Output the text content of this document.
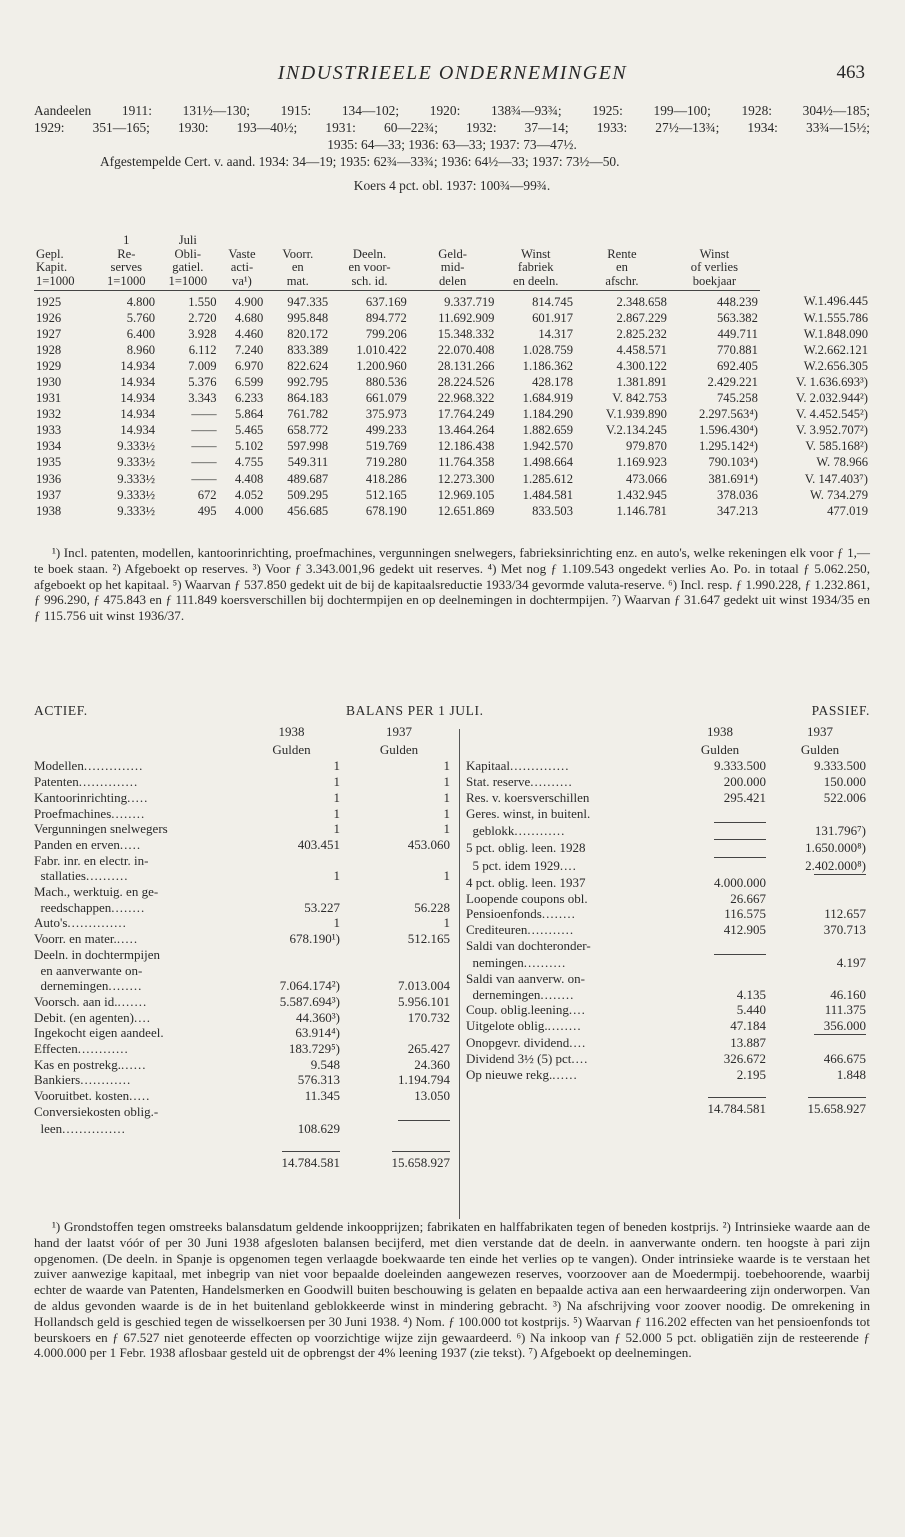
INDUSTRIEELE ONDERNEMINGEN	463

Aandeelen 1911: 131½—130; 1915: 134—102; 1920: 138¾—93¾; 1925: 199—100; 1928: 304½—185;

1929: 351—165; 1930: 193—40½; 1931: 60—22¾; 1932: 37—14; 1933: 27½—13¾; 1934: 33¾—15½;

1935: 64—33; 1936: 63—33; 1937: 73—47½.

Afgestempelde Cert. v. aand. 1934: 34—19; 1935: 62¾—33¾; 1936: 64½—33; 1937: 73½—50.

Koers 4 pct. obl. 1937: 100¾—99¾.

	1	Juli								
Gepl.	Re-	Obli-	Vaste	Voorr.	Deeln.	Geld-	Winst	Rente	Winst	
Kapit.	serves	gatiel.	acti-	en	en voor-	mid-	fabriek	en	of verlies	
1=1000	1=1000	1=1000	va¹)	mat.	sch. id.	delen	en deeln.	afschr.	boekjaar	
1925	4.800	1.550	4.900	947.335	637.169	9.337.719	814.745	2.348.658	448.239	W.1.496.445
1926	5.760	2.720	4.680	995.848	894.772	11.692.909	601.917	2.867.229	563.382	W.1.555.786
1927	6.400	3.928	4.460	820.172	799.206	15.348.332	14.317	2.825.232	449.711	W.1.848.090
1928	8.960	6.112	7.240	833.389	1.010.422	22.070.408	1.028.759	4.458.571	770.881	W.2.662.121
1929	14.934	7.009	6.970	822.624	1.200.960	28.131.266	1.186.362	4.300.122	692.405	W.2.656.305
1930	14.934	5.376	6.599	992.795	880.536	28.224.526	428.178	1.381.891	2.429.221	V. 1.636.693³)
1931	14.934	3.343	6.233	864.183	661.079	22.968.322	1.684.919	V. 842.753	745.258	V. 2.032.944²)
1932	14.934	——	5.864	761.782	375.973	17.764.249	1.184.290	V.1.939.890	2.297.563⁴)	V. 4.452.545²)
1933	14.934	——	5.465	658.772	499.233	13.464.264	1.882.659	V.2.134.245	1.596.430⁴)	V. 3.952.707²)
1934	9.333½	——	5.102	597.998	519.769	12.186.438	1.942.570	979.870	1.295.142⁴)	V. 585.168²)
1935	9.333½	——	4.755	549.311	719.280	11.764.358	1.498.664	1.169.923	790.103⁴)	W. 78.966
1936	9.333½	——	4.408	489.687	418.286	12.273.300	1.285.612	473.066	381.691⁴)	V. 147.403⁷)
1937	9.333½	672	4.052	509.295	512.165	12.969.105	1.484.581	1.432.945	378.036	W. 734.279
1938	9.333½	495	4.000	456.685	678.190	12.651.869	833.503	1.146.781	347.213	477.019

¹) Incl. patenten, modellen, kantoorinrichting, proefmachines, vergunningen snelwegers, fabrieksinrichting enz. en auto's, welke rekeningen elk voor ƒ 1,— te boek staan. ²) Afgeboekt op reserves. ³) Voor ƒ 3.343.001,96 gedekt uit reserves. ⁴) Met nog ƒ 1.109.543 ongedekt verlies Ao. Po. in totaal ƒ 5.062.250, afgeboekt op het kapitaal. ⁵) Waarvan ƒ 537.850 gedekt uit de bij de kapitaalsreductie 1933/34 gevormde valuta-reserve. ⁶) Incl. resp. ƒ 1.990.228, ƒ 1.232.861, ƒ 996.290, ƒ 475.843 en ƒ 111.849 koersverschillen bij dochtermpijen en op deelnemingen in dochtermpijen. ⁷) Waarvan ƒ 31.647 gedekt uit winst 1934/35 en ƒ 115.756 uit winst 1936/37.

ACTIEF.	BALANS PER 1 JULI.	PASSIEF.
	1938	1937
	Gulden	Gulden
Modellen..............	1	1
Patenten..............	1	1
Kantoorinrichting.....	1	1
Proefmachines........	1	1
Vergunningen snelwegers	1	1
Panden en erven.....	403.451	453.060
Fabr. inr. en electr. in-		
stallaties..........	1	1
Mach., werktuig. en ge-		
reedschappen........	53.227	56.228
Auto's..............	1	1
Voorr. en mater......	678.190¹)	512.165
Deeln. in dochtermpijen		
en aanverwante on-		
dernemingen........	7.064.174²)	7.013.004
Voorsch. aan id........	5.587.694³)	5.956.101
Debit. (en agenten)....	44.360³)	170.732
Ingekocht eigen aandeel.	63.914⁴)	
Effecten............	183.729⁵)	265.427
Kas en postrekg.......	9.548	24.360
Bankiers............	576.313	1.194.794
Vooruitbet. kosten.....	11.345	13.050
Conversiekosten oblig.-		
leen...............	108.629	
	14.784.581	15.658.927
	1938	1937
	Gulden	Gulden
Kapitaal..............	9.333.500	9.333.500
Stat. reserve..........	200.000	150.000
Res. v. koersverschillen	295.421	522.006
Geres. winst, in buitenl.		
geblokk............		131.796⁷)
5 pct. oblig. leen. 1928		1.650.000⁸)
5 pct. idem 1929....		2.402.000⁸)
4 pct. oblig. leen. 1937	4.000.000	
Loopende coupons obl.	26.667	
Pensioenfonds........	116.575	112.657
Crediteuren...........	412.905	370.713
Saldi van dochteronder-		
nemingen..........		4.197
Saldi van aanverw. on-		
dernemingen........	4.135	46.160
Coup. oblig.leening....	5.440	111.375
Uitgelote oblig.........	47.184	356.000
Onopgevr. dividend....	13.887	
Dividend 3½ (5) pct....	326.672	466.675
Op nieuwe rekg.......	2.195	1.848
	14.784.581	15.658.927

¹) Grondstoffen tegen omstreeks balansdatum geldende inkoopprijzen; fabrikaten en halffabrikaten tegen of beneden kostprijs. ²) Intrinsieke waarde aan de hand der laatst vóór of per 30 Juni 1938 afgesloten balansen becijferd, met dien verstande dat de deeln. in aanverwante ondern. ten hoogste à pari zijn opgenomen. (De deeln. in Spanje is opgenomen tegen verlaagde boekwaarde ten einde het verlies op te vangen). Onder intrinsieke waarde is te verstaan het zuiver aanwezige kapitaal, met inbegrip van niet voor bepaalde doeleinden aangewezen reserves, voorzoover aan de Moedermpij. toebehoorende, waarbij echter de waarde van Patenten, Handelsmerken en Goodwill buiten beschouwing is gelaten en bepaalde activa aan een herwaardeering zijn onderworpen. Van de aldus gevonden waarde is de in het buitenland geblokkeerde winst in mindering gebracht. ³) Na afschrijving voor zoover noodig. De omrekening in Hollandsch geld is geschied tegen de wisselkoersen per 30 Juni 1938. ⁴) Nom. ƒ 100.000 tot kostprijs. ⁵) Waarvan ƒ 116.202 effecten van het pensioenfonds tot beurskoers en ƒ 67.527 niet genoteerde effecten op voorzichtige wijze zijn gewaardeerd. ⁶) Na inkoop van ƒ 52.000 5 pct. obligatiën zijn de resteerende ƒ 4.000.000 per 1 Febr. 1938 aflosbaar gesteld uit de opbrengst der 4% leening 1937 (zie tekst). ⁷) Afgeboekt op deelnemingen.
